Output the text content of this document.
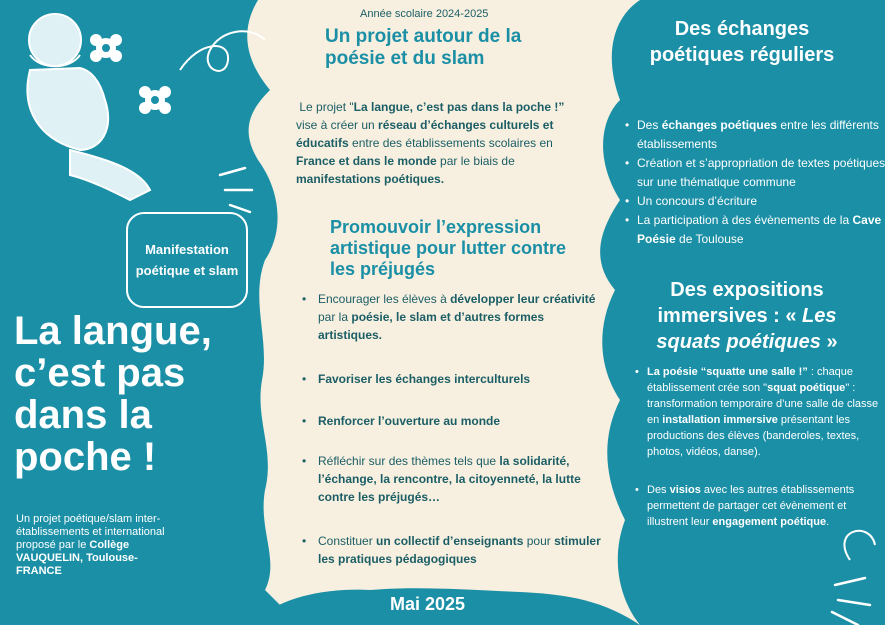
Année scolaire 2024-2025
Un projet autour de la poésie et du slam
Le projet "La langue, c’est pas dans la poche !” vise à créer un réseau d’échanges culturels et éducatifs entre des établissements scolaires en France et dans le monde par le biais de manifestations poétiques.
Promouvoir l’expression artistique pour lutter contre les préjugés
• Encourager les élèves à développer leur créativité par la poésie, le slam et d’autres formes artistiques.
• Favoriser les échanges interculturels
• Renforcer l’ouverture au monde
• Réfléchir sur des thèmes tels que la solidarité, l’échange, la rencontre, la citoyenneté, la lutte contre les préjugés…
• Constituer un collectif d’enseignants pour stimuler les pratiques pédagogiques
Manifestation poétique et slam
La langue, c’est pas dans la poche !
Un projet poétique/slam inter-établissements et international proposé par le Collège VAUQUELIN, Toulouse- FRANCE
Mai 2025
Des échanges poétiques réguliers
• Des échanges poétiques entre les différents établissements
• Création et s’appropriation de textes poétiques sur une thématique commune
• Un concours d’écriture
• La participation à des évènements de la Cave Poésie de Toulouse
Des expositions immersives : « Les squats poétiques »
• La poésie “squatte une salle !” : chaque établissement crée son "squat poétique" : transformation temporaire d’une salle de classe en installation immersive présentant les productions des élèves (banderoles, textes, photos, vidéos, danse).
• Des visios avec les autres établissements permettent de partager cet évènement et illustrent leur engagement poétique.
